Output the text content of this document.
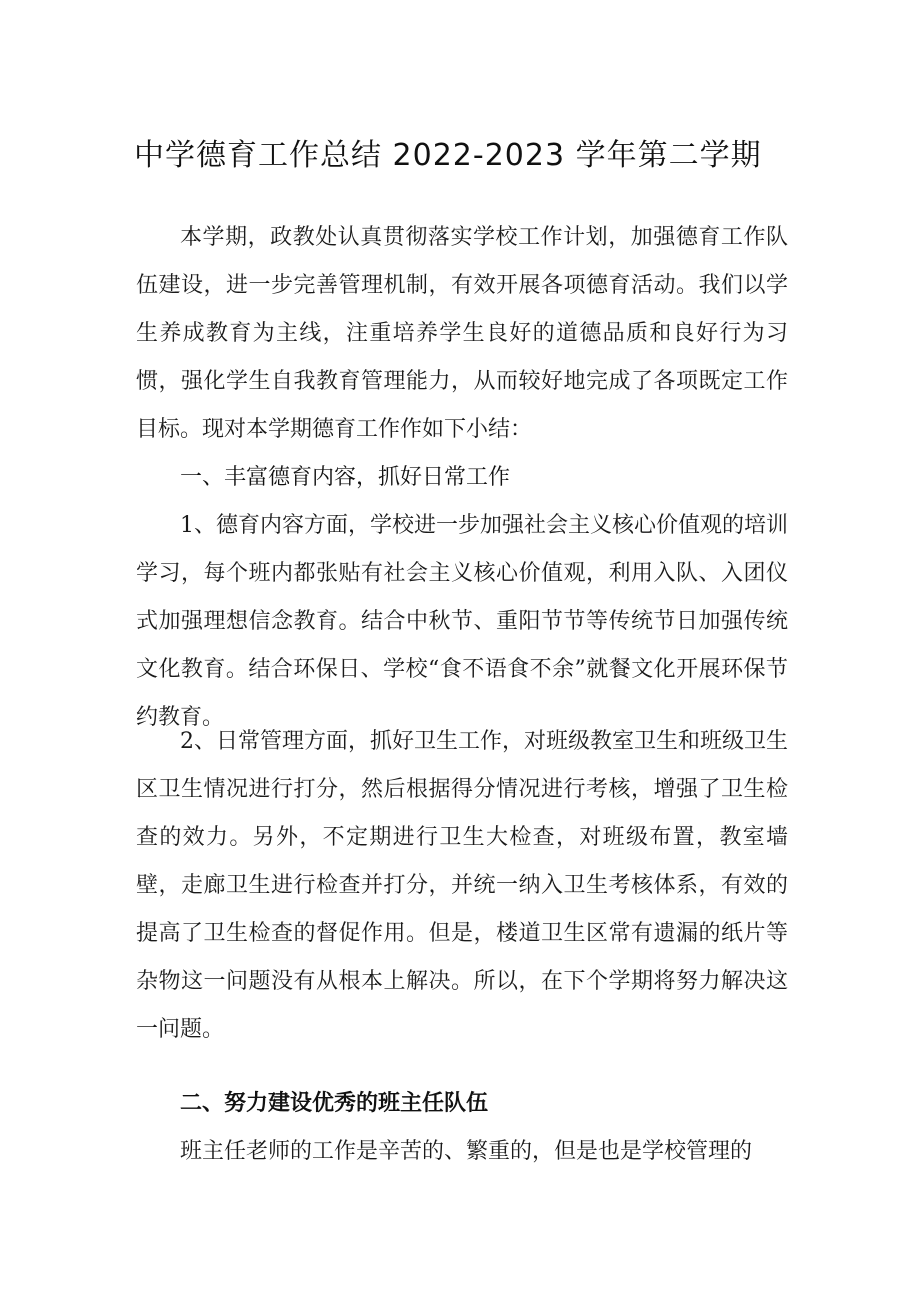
中学德育工作总结 2022-2023 学年第二学期

本学期，政教处认真贯彻落实学校工作计划，加强德育工作队伍建设，进一步完善管理机制，有效开展各项德育活动。我们以学生养成教育为主线，注重培养学生良好的道德品质和良好行为习惯，强化学生自我教育管理能力，从而较好地完成了各项既定工作目标。现对本学期德育工作作如下小结：

一、丰富德育内容，抓好日常工作

1、德育内容方面，学校进一步加强社会主义核心价值观的培训学习，每个班内都张贴有社会主义核心价值观，利用入队、入团仪式加强理想信念教育。结合中秋节、重阳节节等传统节日加强传统文化教育。结合环保日、学校“食不语食不余”就餐文化开展环保节约教育。

2、日常管理方面，抓好卫生工作，对班级教室卫生和班级卫生区卫生情况进行打分，然后根据得分情况进行考核，增强了卫生检查的效力。另外，不定期进行卫生大检查，对班级布置，教室墙壁，走廊卫生进行检查并打分，并统一纳入卫生考核体系，有效的提高了卫生检查的督促作用。但是，楼道卫生区常有遗漏的纸片等杂物这一问题没有从根本上解决。所以，在下个学期将努力解决这一问题。

二、努力建设优秀的班主任队伍

班主任老师的工作是辛苦的、繁重的，但是也是学校管理的
